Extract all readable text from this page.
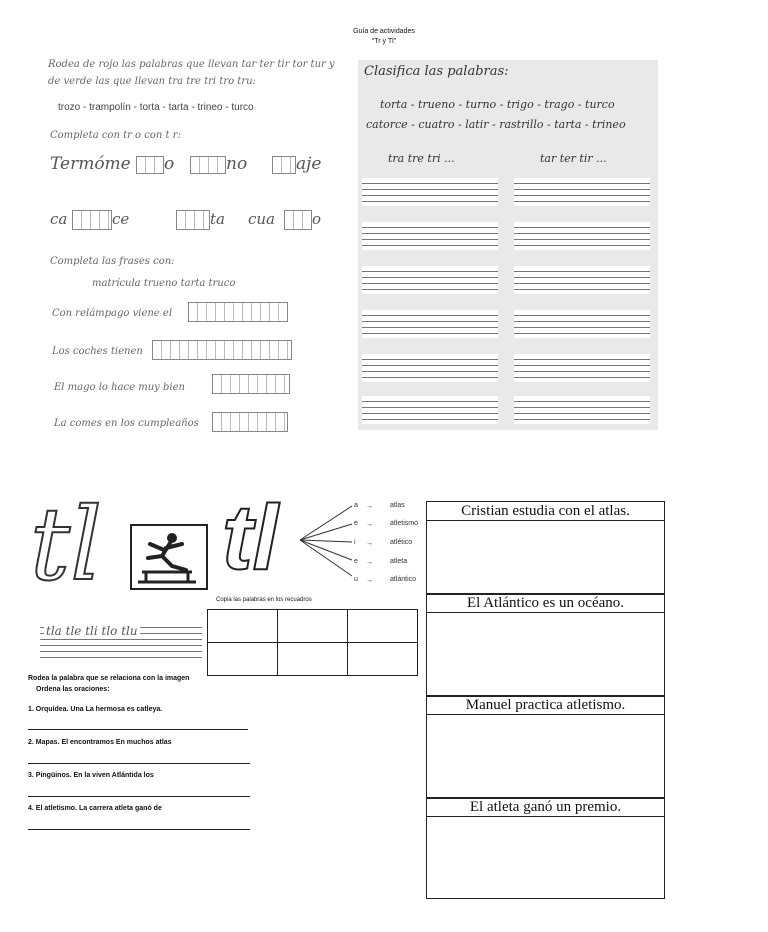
Guía de actividades
“Tr y Tl”
Rodea de rojo las palabras que llevan tar ter tir tor tur y de verde las que llevan tra tre tri tro tru:
trozo - trampolín - torta - tarta - trineo - turco
Completa con tr o con t r:
Termóme o	no	aje
ca	ce	ta cua o
Completa las frases con:
matrícula trueno tarta truco
Con relámpago viene el
Los coches tienen
El mago lo hace muy bien
La comes en los cumpleaños
Clasifica las palabras:
torta - trueno - turno - trigo - trago - turco
catorce - cuatro - latir - rastrillo - tarta - trineo
tra tre tri ...	tar ter tir ...
tl tl	a → atlas
e → atletismo
i → atlético
e → atleta
u → atlántico
Copia las palabras en los recuadros

tla tle tli tlo tlu
Rodea la palabra que se relaciona con la imagen
Ordena las oraciones:
1. Orquídea. Una La hermosa es catleya.
2. Mapas. El encontramos En muchos atlas
3. Pingüinos. En la viven Atlántida los
4. El atletismo. La carrera atleta ganó de
Cristian estudia con el atlas.
El Atlántico es un océano.
Manuel practica atletismo.
El atleta ganó un premio.
